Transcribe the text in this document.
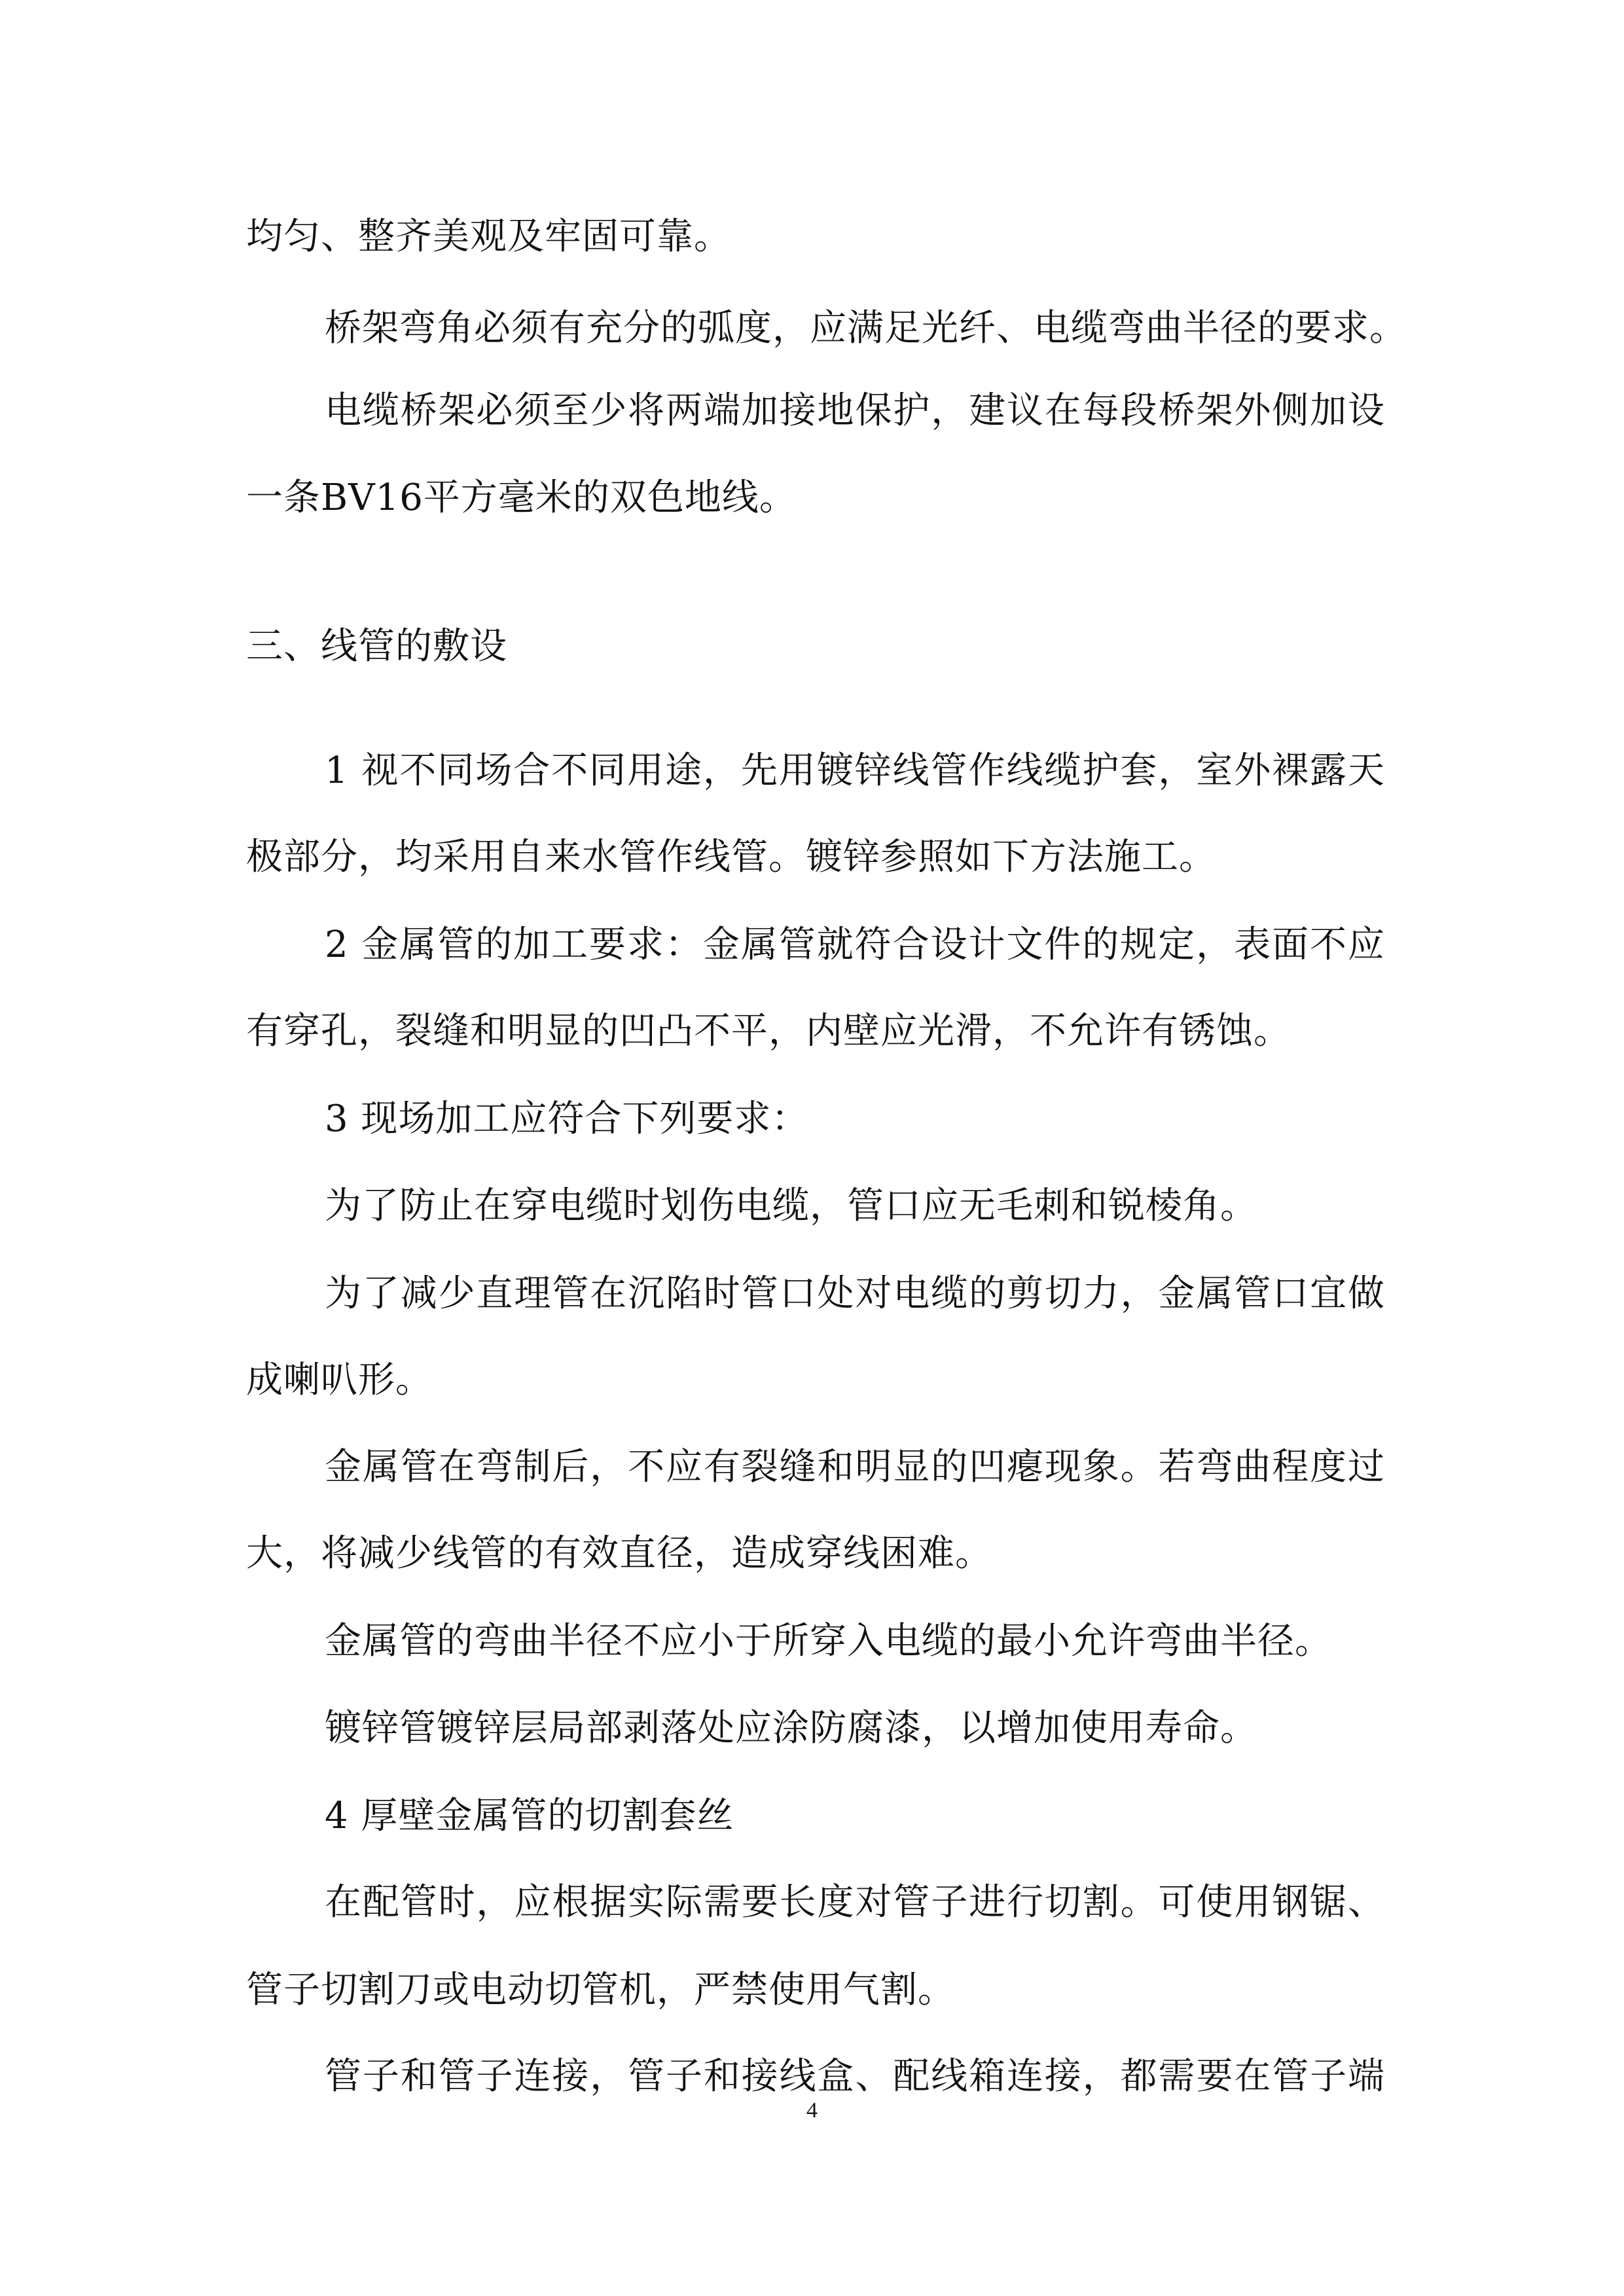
均匀、整齐美观及牢固可靠。
桥架弯角必须有充分的弧度，应满足光纤、电缆弯曲半径的要求。
电缆桥架必须至少将两端加接地保护，建议在每段桥架外侧加设
一条BV16平方毫米的双色地线。
三、线管的敷设
1 视不同场合不同用途，先用镀锌线管作线缆护套，室外裸露天
极部分，均采用自来水管作线管。镀锌参照如下方法施工。
2 金属管的加工要求：金属管就符合设计文件的规定，表面不应
有穿孔，裂缝和明显的凹凸不平，内壁应光滑，不允许有锈蚀。
3 现场加工应符合下列要求：
为了防止在穿电缆时划伤电缆，管口应无毛刺和锐棱角。
为了减少直理管在沉陷时管口处对电缆的剪切力，金属管口宜做
成喇叭形。
金属管在弯制后，不应有裂缝和明显的凹瘪现象。若弯曲程度过
大，将减少线管的有效直径，造成穿线困难。
金属管的弯曲半径不应小于所穿入电缆的最小允许弯曲半径。
镀锌管镀锌层局部剥落处应涂防腐漆，以增加使用寿命。
4 厚壁金属管的切割套丝
在配管时，应根据实际需要长度对管子进行切割。可使用钢锯、
管子切割刀或电动切管机，严禁使用气割。
管子和管子连接，管子和接线盒、配线箱连接，都需要在管子端
4
